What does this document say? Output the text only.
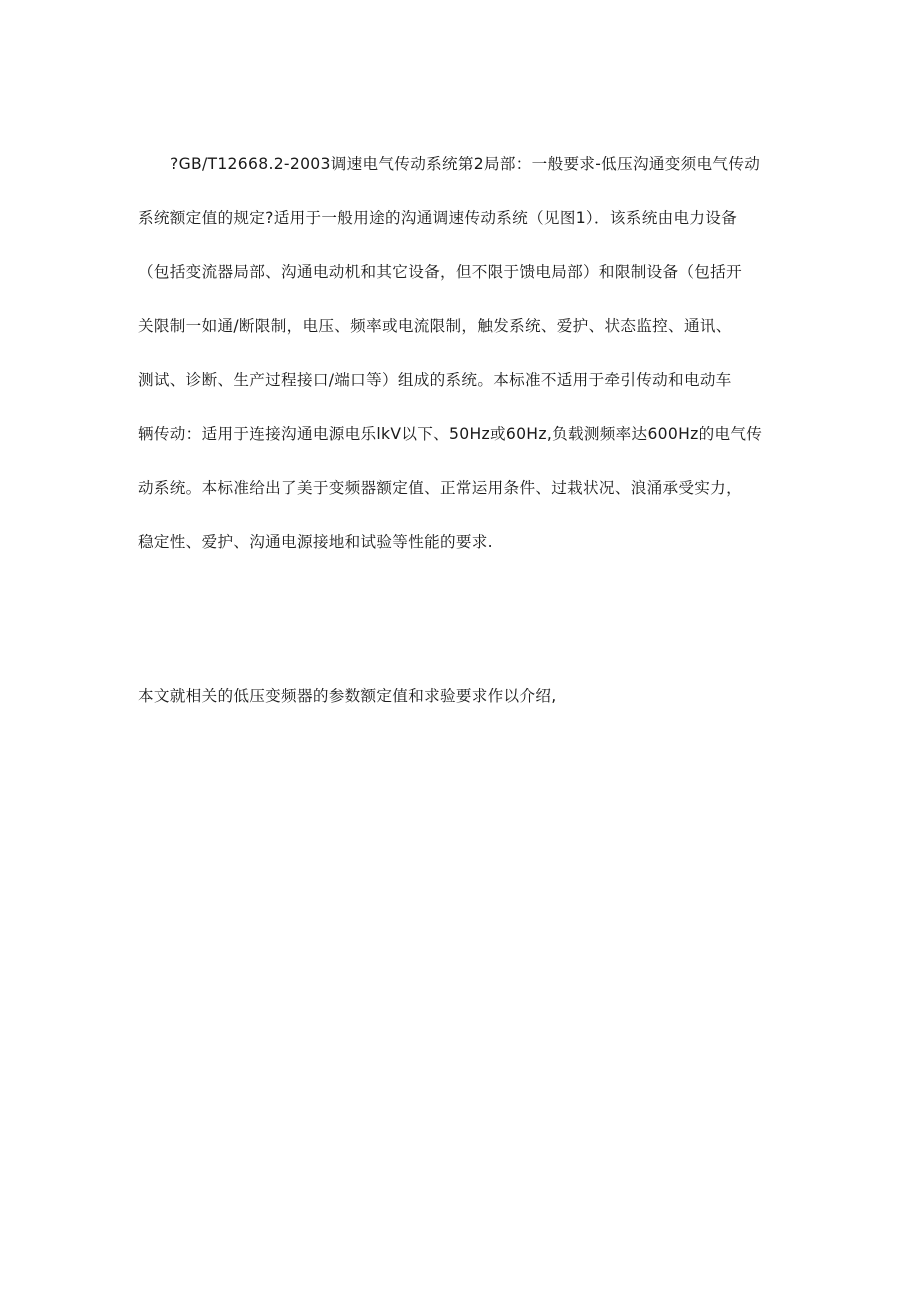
?GB/T12668.2-2003调速电气传动系统第2局部：一般要求-低压沟通变须电气传动
系统额定值的规定?适用于一般用途的沟通调速传动系统（见图1）．该系统由电力设备
（包括变流器局部、沟通电动机和其它设备，但不限于馈电局部）和限制设备（包括开
关限制一如通/断限制，电压、频率或电流限制，触发系统、爱护、状态监控、通讯、
测试、诊断、生产过程接口/端口等）组成的系统。本标准不适用于牵引传动和电动车
辆传动：适用于连接沟通电源电乐lkV以下、50Hz或60Hz,负载测频率达600Hz的电气传
动系统。本标准给出了美于变频器额定值、正常运用条件、过栽状况、浪涌承受实力，
稳定性、爱护、沟通电源接地和试验等性能的要求.
本文就相关的低压变频器的参数额定值和求验要求作以介绍,
